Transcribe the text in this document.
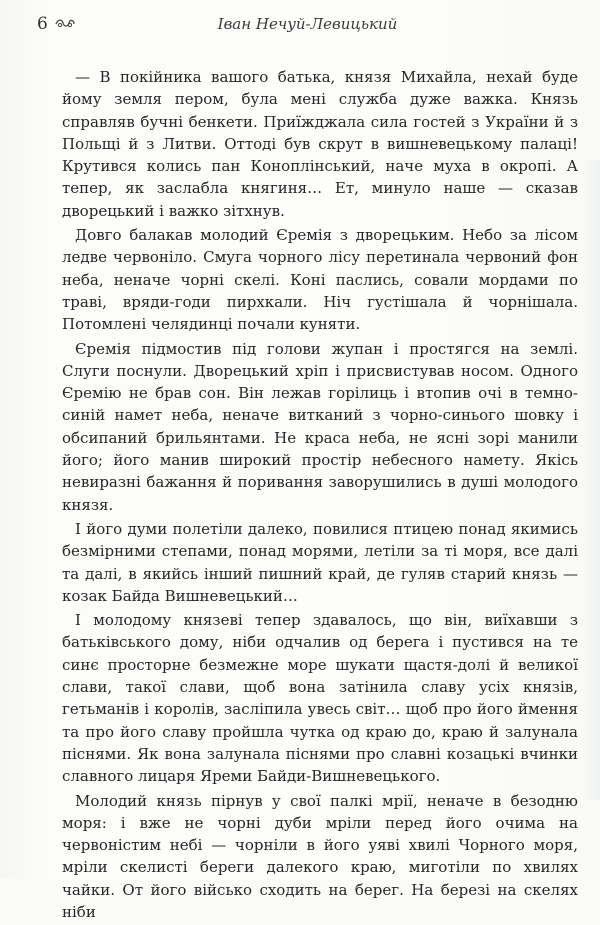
6	Іван Нечуй-Левицький

— В покійника вашого батька, князя Михайла, нехай буде йому земля пером, була мені служба дуже важка. Князь справляв бучні бенкети. Приїжджала сила гостей з України й з Польщі й з Литви. Оттоді був скрут в вишневецькому палаці! Крутився колись пан Коноплінський, наче муха в окропі. А тепер, як заслабла княгиня… Ет, минуло наше — сказав дворецький і важко зітхнув.

Довго балакав молодий Єремія з дворецьким. Небо за лісом ледве червоніло. Смуга чорного лісу перетинала червоний фон неба, неначе чорні скелі. Коні паслись, совали мордами по траві, вряди-годи пирхкали. Ніч густішала й чорнішала. Потомлені челядинці почали куняти.

Єремія підмостив під голови жупан і простягся на землі. Слуги поснули. Дворецький хріп і присвистував носом. Одного Єремію не брав сон. Він лежав горілиць і втопив очі в темно-синій намет неба, неначе витканий з чорно-синього шовку і обсипаний брильянтами. Не краса неба, не ясні зорі манили його; його манив широкий простір небесного намету. Якісь невиразні бажання й поривання заворушились в душі молодого князя.

І його думи полетіли далеко, повилися птицею понад якимись безмірними степами, понад морями, летіли за ті моря, все далі та далі, в якийсь інший пишний край, де гуляв старий князь — козак Байда Вишневецький…

І молодому князеві тепер здавалось, що він, виїхавши з батьківського дому, ніби одчалив од берега і пустився на те синє просторне безмежне море шукати щастя-долі й великої слави, такої слави, щоб вона затінила славу усіх князів, гетьманів і королів, засліпила увесь світ… щоб про його ймення та про його славу пройшла чутка од краю до, краю й залунала піснями. Як вона залунала піснями про славні козацькі вчинки славного лицаря Яреми Байди-Вишневецького.

Молодий князь пірнув у свої палкі мрії, неначе в безодню моря: і вже не чорні дуби мріли перед його очима на червоністим небі — чорніли в його уяві хвилі Чорного моря, мріли скелисті береги далекого краю, миготіли по хвилях чайки. От його військо сходить на берег. На березі на скелях ніби
